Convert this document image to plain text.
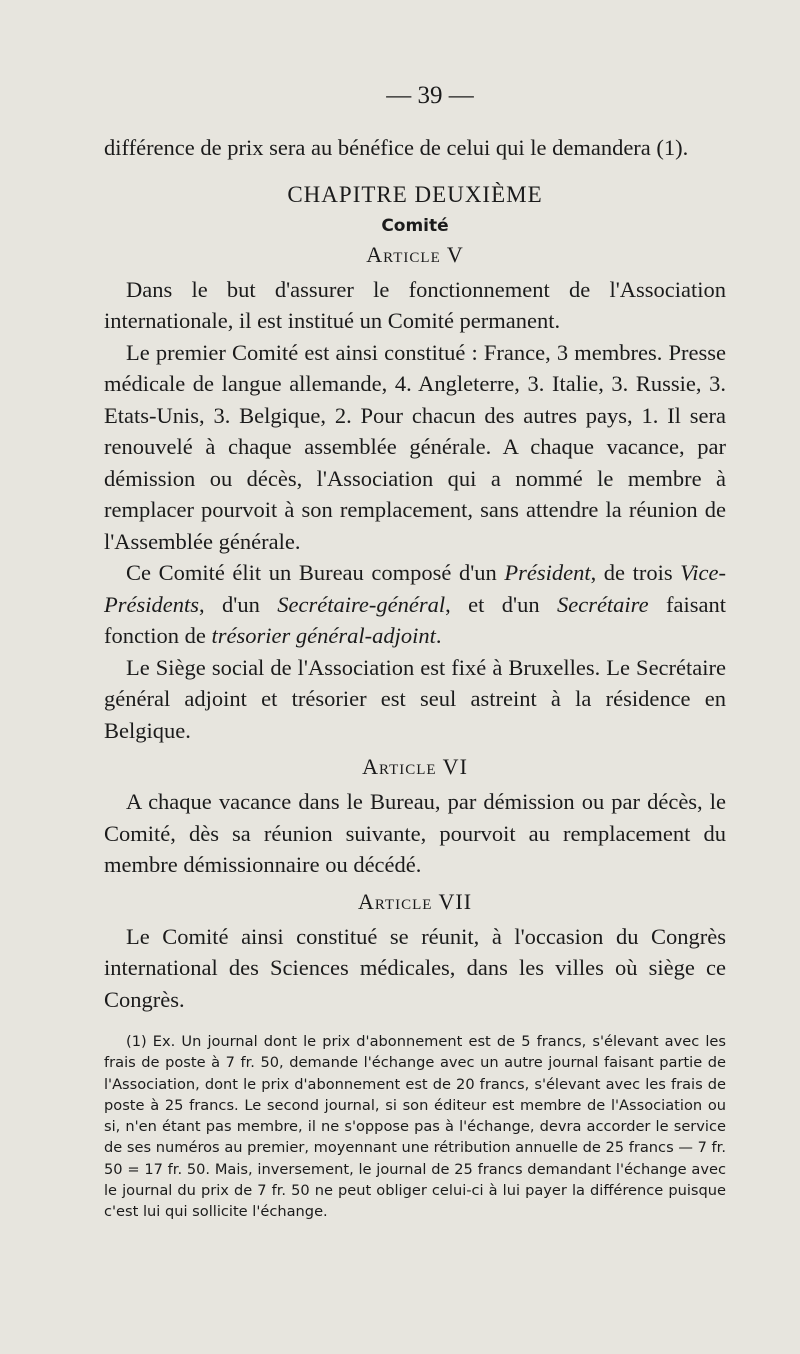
— 39 —

différence de prix sera au bénéfice de celui qui le demandera (1).

CHAPITRE DEUXIÈME
Comité
Article V

Dans le but d'assurer le fonctionnement de l'Association internationale, il est institué un Comité permanent.

Le premier Comité est ainsi constitué : France, 3 membres. Presse médicale de langue allemande, 4. Angleterre, 3. Italie, 3. Russie, 3. Etats-Unis, 3. Belgique, 2. Pour chacun des autres pays, 1. Il sera renouvelé à chaque assemblée générale. A chaque vacance, par démission ou décès, l'Association qui a nommé le membre à remplacer pourvoit à son remplacement, sans attendre la réunion de l'Assemblée générale.

Ce Comité élit un Bureau composé d'un Président, de trois Vice-Présidents, d'un Secrétaire-général, et d'un Secrétaire faisant fonction de trésorier général-adjoint.

Le Siège social de l'Association est fixé à Bruxelles. Le Secrétaire général adjoint et trésorier est seul astreint à la résidence en Belgique.

Article VI

A chaque vacance dans le Bureau, par démission ou par décès, le Comité, dès sa réunion suivante, pourvoit au remplacement du membre démissionnaire ou décédé.

Article VII

Le Comité ainsi constitué se réunit, à l'occasion du Congrès international des Sciences médicales, dans les villes où siège ce Congrès.

(1) Ex. Un journal dont le prix d'abonnement est de 5 francs, s'élevant avec les frais de poste à 7 fr. 50, demande l'échange avec un autre journal faisant partie de l'Association, dont le prix d'abonnement est de 20 francs, s'élevant avec les frais de poste à 25 francs. Le second journal, si son éditeur est membre de l'Association ou si, n'en étant pas membre, il ne s'oppose pas à l'échange, devra accorder le service de ses numéros au premier, moyennant une rétribution annuelle de 25 francs — 7 fr. 50 = 17 fr. 50. Mais, inversement, le journal de 25 francs demandant l'échange avec le journal du prix de 7 fr. 50 ne peut obliger celui-ci à lui payer la différence puisque c'est lui qui sollicite l'échange.
